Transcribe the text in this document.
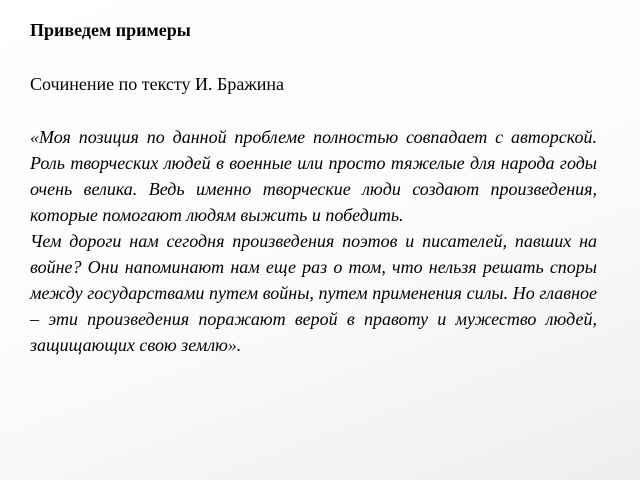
Приведем примеры
Сочинение по тексту И. Бражина

«Моя позиция по данной проблеме полностью совпадает с авторской. Роль творческих людей в военные или просто тяжелые для народа годы очень велика. Ведь именно творческие люди создают произведения, которые помогают людям выжить и победить.

Чем дороги нам сегодня произведения поэтов и писателей, павших на войне? Они напоминают нам еще раз о том, что нельзя решать споры между государствами путем войны, путем применения силы. Но главное – эти произведения поражают верой в правоту и мужество людей, защищающих свою землю».
